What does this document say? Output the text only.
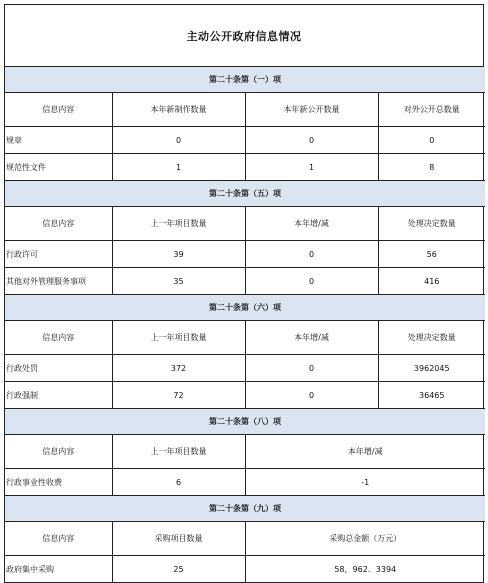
主动公开政府信息情况
第二十条第（一）项			
信息内容	本年新制作数量	本年新公开数量	对外公开总数量
规章	0	0	0
规范性文件	1	1	8
第二十条第（五）项			
信息内容	上一年项目数量	本年增/减	处理决定数量
行政许可	39	0	56
其他对外管理服务事项	35	0	416
第二十条第（六）项			
信息内容	上一年项目数量	本年增/减	处理决定数量
行政处罚	372	0	3962045
行政强制	72	0	36465
第二十条第（八）项			
信息内容	上一年项目数量	本年增/减	
行政事业性收费	6	-1	
第二十条第（九）项			
信息内容	采购项目数量	采购总金额（万元）	
政府集中采购	25	58，962．3394	
